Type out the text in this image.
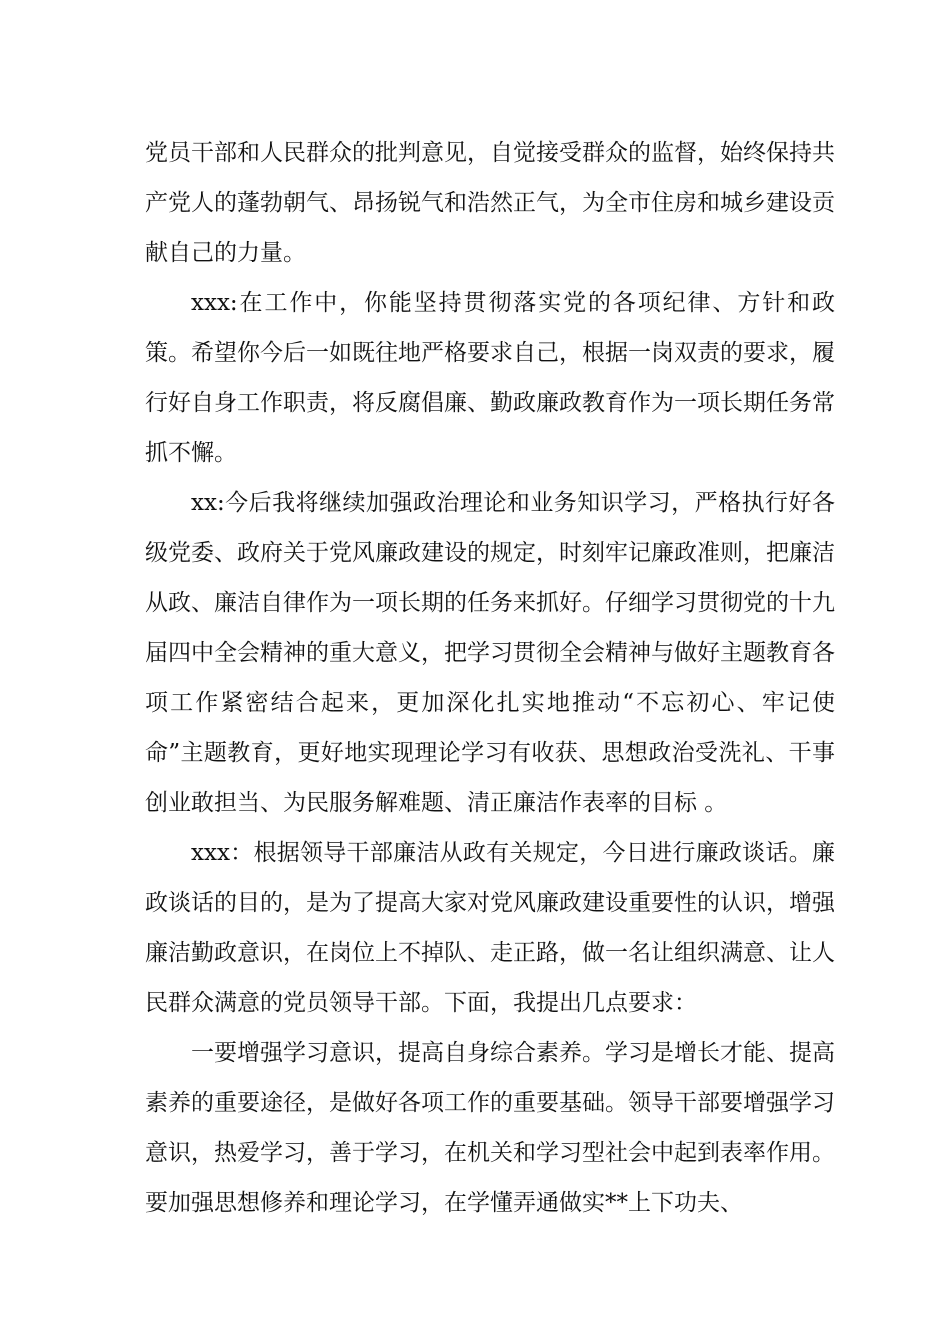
党员干部和人民群众的批判意见，自觉接受群众的监督，始终保持共产党人的蓬勃朝气、昂扬锐气和浩然正气，为全市住房和城乡建设贡献自己的力量。

xxx:在工作中，你能坚持贯彻落实党的各项纪律、方针和政策。希望你今后一如既往地严格要求自己，根据一岗双责的要求，履行好自身工作职责，将反腐倡廉、勤政廉政教育作为一项长期任务常抓不懈。

xx:今后我将继续加强政治理论和业务知识学习，严格执行好各级党委、政府关于党风廉政建设的规定，时刻牢记廉政准则，把廉洁从政、廉洁自律作为一项长期的任务来抓好。仔细学习贯彻党的十九届四中全会精神的重大意义，把学习贯彻全会精神与做好主题教育各项工作紧密结合起来，更加深化扎实地推动“不忘初心、牢记使命”主题教育，更好地实现理论学习有收获、思想政治受洗礼、干事创业敢担当、为民服务解难题、清正廉洁作表率的目标 。

xxx：根据领导干部廉洁从政有关规定，今日进行廉政谈话。廉政谈话的目的，是为了提高大家对党风廉政建设重要性的认识，增强廉洁勤政意识，在岗位上不掉队、走正路，做一名让组织满意、让人民群众满意的党员领导干部。下面，我提出几点要求：

一要增强学习意识，提高自身综合素养。学习是增长才能、提高素养的重要途径，是做好各项工作的重要基础。领导干部要增强学习意识，热爱学习，善于学习，在机关和学习型社会中起到表率作用。要加强思想修养和理论学习，在学懂弄通做实**上下功夫、
